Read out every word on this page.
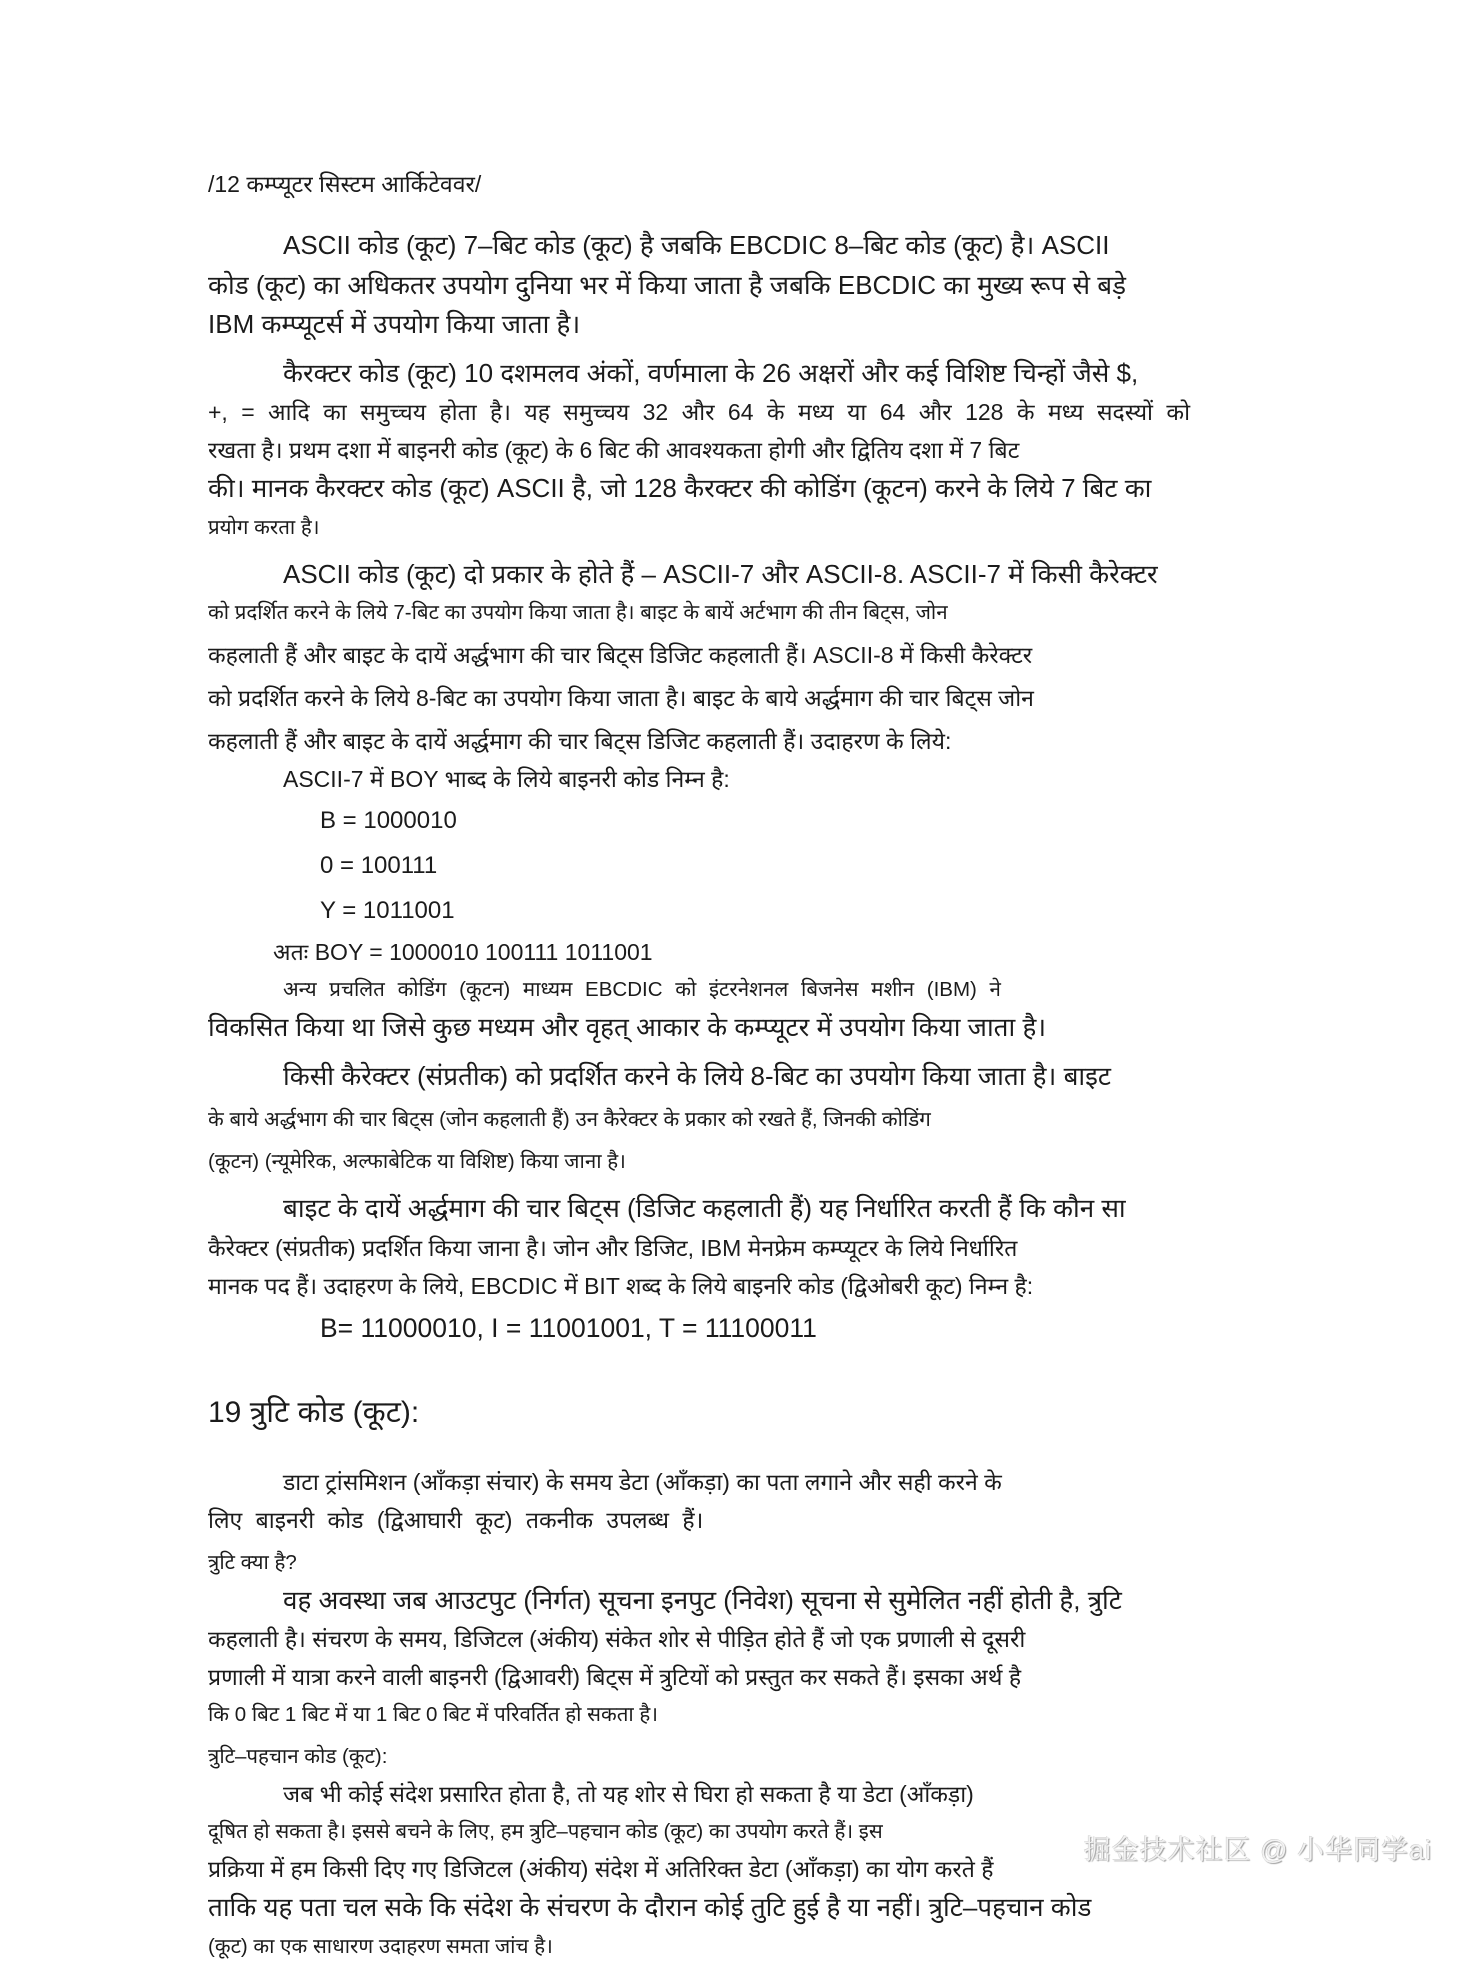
/12 कम्प्यूटर सिस्टम आर्किटेववर/
ASCII कोड (कूट) 7–बिट कोड (कूट) है जबकि EBCDIC 8–बिट कोड (कूट) है। ASCII
कोड (कूट) का अधिकतर उपयोग दुनिया भर में किया जाता है जबकि EBCDIC का मुख्य रूप से बड़े
IBM कम्प्यूटर्स में उपयोग किया जाता है।
कैरक्टर कोड (कूट) 10 दशमलव अंकों, वर्णमाला के 26 अक्षरों और कई विशिष्ट चिन्हों जैसे $,
+, = आदि का समुच्चय होता है। यह समुच्चय 32 और 64 के मध्य या 64 और 128 के मध्य सदस्यों को
रखता है। प्रथम दशा में बाइनरी कोड (कूट) के 6 बिट की आवश्यकता होगी और द्वितिय दशा में 7 बिट
की। मानक कैरक्टर कोड (कूट) ASCII है, जो 128 कैरक्टर की कोडिंग (कूटन) करने के लिये 7 बिट का
प्रयोग करता है।
ASCII कोड (कूट) दो प्रकार के होते हैं – ASCII-7 और ASCII-8. ASCII-7 में किसी कैरेक्टर
को प्रदर्शित करने के लिये 7-बिट का उपयोग किया जाता है। बाइट के बायें अर्टभाग की तीन बिट्स, जोन
कहलाती हैं और बाइट के दायें अर्द्धभाग की चार बिट्स डिजिट कहलाती हैं। ASCII-8 में किसी कैरेक्टर
को प्रदर्शित करने के लिये 8-बिट का उपयोग किया जाता है। बाइट के बाये अर्द्धमाग की चार बिट्स जोन
कहलाती हैं और बाइट के दायें अर्द्धमाग की चार बिट्स डिजिट कहलाती हैं। उदाहरण के लिये:
ASCII-7 में BOY भाब्द के लिये बाइनरी कोड निम्न है:
B = 1000010
0 = 100111
Y = 1011001
अतः BOY = 1000010 100111 1011001
अन्य प्रचलित कोडिंग (कूटन) माध्यम EBCDIC को इंटरनेशनल बिजनेस मशीन (IBM) ने
विकसित किया था जिसे कुछ मध्यम और वृहत् आकार के कम्प्यूटर में उपयोग किया जाता है।
किसी कैरेक्टर (संप्रतीक) को प्रदर्शित करने के लिये 8-बिट का उपयोग किया जाता है। बाइट
के बाये अर्द्धभाग की चार बिट्स (जोन कहलाती हैं) उन कैरेक्टर के प्रकार को रखते हैं, जिनकी कोडिंग
(कूटन) (न्यूमेरिक, अल्फाबेटिक या विशिष्ट) किया जाना है।
बाइट के दायें अर्द्धमाग की चार बिट्स (डिजिट कहलाती हैं) यह निर्धारित करती हैं कि कौन सा
कैरेक्टर (संप्रतीक) प्रदर्शित किया जाना है। जोन और डिजिट, IBM मेनफ्रेम कम्प्यूटर के लिये निर्धारित
मानक पद हैं। उदाहरण के लिये, EBCDIC में BIT शब्द के लिये बाइनरि कोड (द्विओबरी कूट) निम्न है:
B= 11000010, I = 11001001, T = 11100011
19 त्रुटि कोड (कूट):
डाटा ट्रांसमिशन (आँकड़ा संचार) के समय डेटा (आँकड़ा) का पता लगाने और सही करने के
लिए बाइनरी कोड (द्विआघारी कूट) तकनीक उपलब्ध हैं।
त्रुटि क्या है?
वह अवस्था जब आउटपुट (निर्गत) सूचना इनपुट (निवेश) सूचना से सुमेलित नहीं होती है, त्रुटि
कहलाती है। संचरण के समय, डिजिटल (अंकीय) संकेत शोर से पीड़ित होते हैं जो एक प्रणाली से दूसरी
प्रणाली में यात्रा करने वाली बाइनरी (द्विआवरी) बिट्स में त्रुटियों को प्रस्तुत कर सकते हैं। इसका अर्थ है
कि 0 बिट 1 बिट में या 1 बिट 0 बिट में परिवर्तित हो सकता है।
त्रुटि–पहचान कोड (कूट):
जब भी कोई संदेश प्रसारित होता है, तो यह शोर से घिरा हो सकता है या डेटा (आँकड़ा)
दूषित हो सकता है। इससे बचने के लिए, हम त्रुटि–पहचान कोड (कूट) का उपयोग करते हैं। इस
प्रक्रिया में हम किसी दिए गए डिजिटल (अंकीय) संदेश में अतिरिक्त डेटा (आँकड़ा) का योग करते हैं
ताकि यह पता चल सके कि संदेश के संचरण के दौरान कोई तुटि हुई है या नहीं। त्रुटि–पहचान कोड
(कूट) का एक साधारण उदाहरण समता जांच है।
掘金技术社区 @ 小华同学ai
